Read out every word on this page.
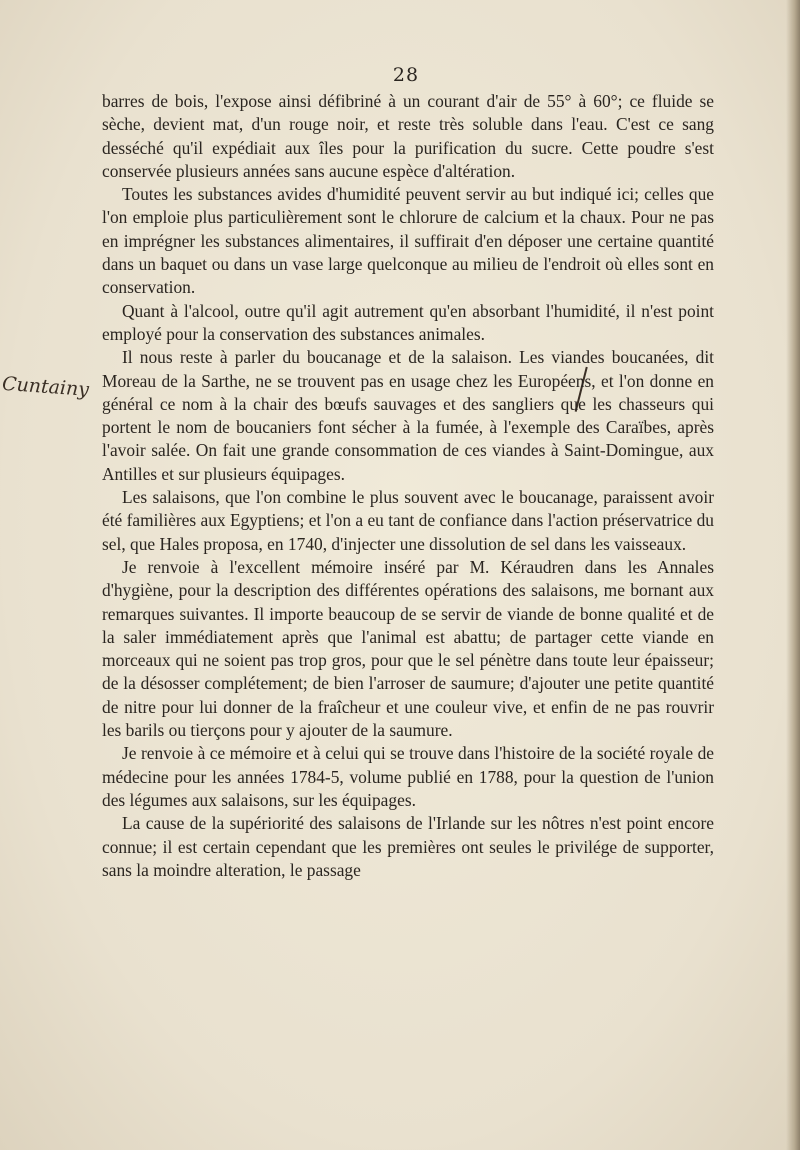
28
Cuntainy

barres de bois, l'expose ainsi défibriné à un courant d'air de 55° à 60°; ce fluide se sèche, devient mat, d'un rouge noir, et reste très soluble dans l'eau. C'est ce sang desséché qu'il expédiait aux îles pour la purification du sucre. Cette poudre s'est conservée plusieurs années sans aucune espèce d'altération.

Toutes les substances avides d'humidité peuvent servir au but indiqué ici; celles que l'on emploie plus particulièrement sont le chlorure de calcium et la chaux. Pour ne pas en imprégner les substances alimentaires, il suffirait d'en déposer une certaine quantité dans un baquet ou dans un vase large quelconque au milieu de l'endroit où elles sont en conservation.

Quant à l'alcool, outre qu'il agit autrement qu'en absorbant l'humidité, il n'est point employé pour la conservation des substances animales.

Il nous reste à parler du boucanage et de la salaison. Les viandes boucanées, dit Moreau de la Sarthe, ne se trouvent pas en usage chez les Européens, et l'on donne en général ce nom à la chair des bœufs sauvages et des sangliers que les chasseurs qui portent le nom de boucaniers font sécher à la fumée, à l'exemple des Caraïbes, après l'avoir salée. On fait une grande consommation de ces viandes à Saint-Domingue, aux Antilles et sur plusieurs équipages.

Les salaisons, que l'on combine le plus souvent avec le boucanage, paraissent avoir été familières aux Egyptiens; et l'on a eu tant de confiance dans l'action préservatrice du sel, que Hales proposa, en 1740, d'injecter une dissolution de sel dans les vaisseaux.

Je renvoie à l'excellent mémoire inséré par M. Kéraudren dans les Annales d'hygiène, pour la description des différentes opérations des salaisons, me bornant aux remarques suivantes. Il importe beaucoup de se servir de viande de bonne qualité et de la saler immédiatement après que l'animal est abattu; de partager cette viande en morceaux qui ne soient pas trop gros, pour que le sel pénètre dans toute leur épaisseur; de la désosser complétement; de bien l'arroser de saumure; d'ajouter une petite quantité de nitre pour lui donner de la fraîcheur et une couleur vive, et enfin de ne pas rouvrir les barils ou tierçons pour y ajouter de la saumure.

Je renvoie à ce mémoire et à celui qui se trouve dans l'histoire de la société royale de médecine pour les années 1784-5, volume publié en 1788, pour la question de l'union des légumes aux salaisons, sur les équipages.

La cause de la supériorité des salaisons de l'Irlande sur les nôtres n'est point encore connue; il est certain cependant que les premières ont seules le privilége de supporter, sans la moindre alteration, le passage
